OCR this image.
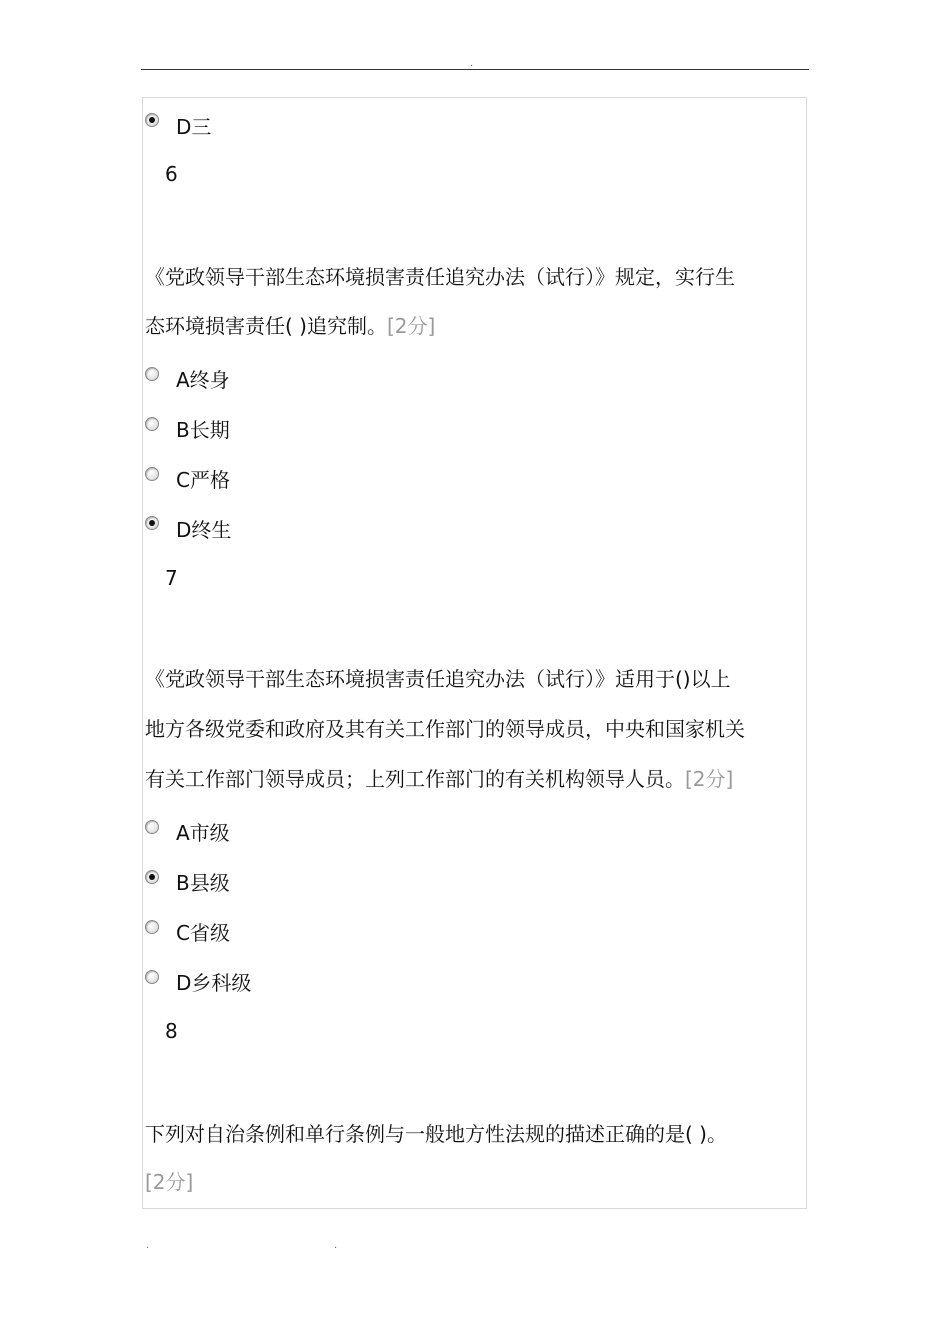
.
D三
6
《党政领导干部生态环境损害责任追究办法（试行）》规定，实行生
态环境损害责任( )追究制。[2分]
A终身
B长期
C严格
D终生
7
《党政领导干部生态环境损害责任追究办法（试行）》适用于()以上
地方各级党委和政府及其有关工作部门的领导成员，中央和国家机关
有关工作部门领导成员；上列工作部门的有关机构领导人员。[2分]
A市级
B县级
C省级
D乡科级
8
下列对自治条例和单行条例与一般地方性法规的描述正确的是( )。
[2分]
.	.
